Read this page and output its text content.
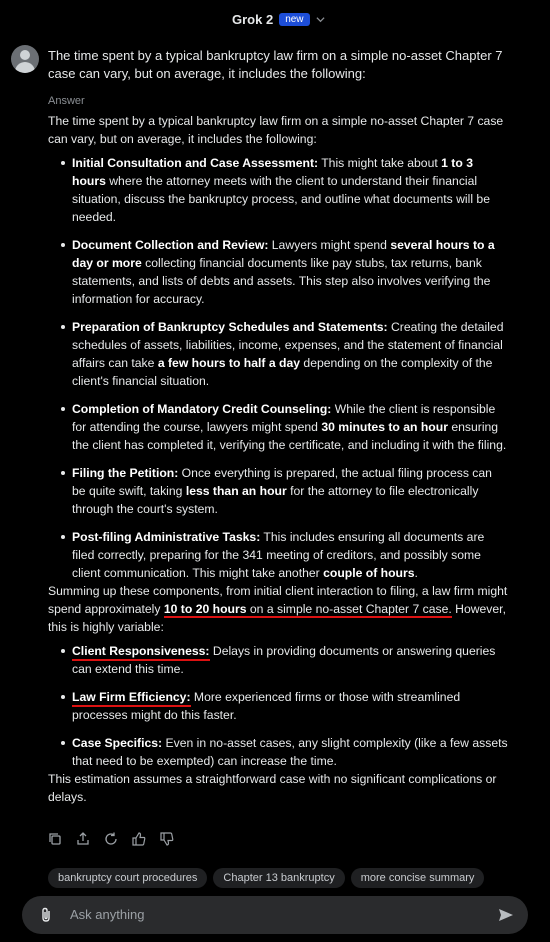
Grok 2	new
The time spent by a typical bankruptcy law firm on a simple no-asset Chapter 7 case can vary, but on average, it includes the following:
Answer

The time spent by a typical bankruptcy law firm on a simple no-asset Chapter 7 case can vary, but on average, it includes the following:

Initial Consultation and Case Assessment: This might take about 1 to 3 hours where the attorney meets with the client to understand their financial situation, discuss the bankruptcy process, and outline what documents will be needed.
Document Collection and Review: Lawyers might spend several hours to a day or more collecting financial documents like pay stubs, tax returns, bank statements, and lists of debts and assets. This step also involves verifying the information for accuracy.
Preparation of Bankruptcy Schedules and Statements: Creating the detailed schedules of assets, liabilities, income, expenses, and the statement of financial affairs can take a few hours to half a day depending on the complexity of the client's financial situation.
Completion of Mandatory Credit Counseling: While the client is responsible for attending the course, lawyers might spend 30 minutes to an hour ensuring the client has completed it, verifying the certificate, and including it with the filing.
Filing the Petition: Once everything is prepared, the actual filing process can be quite swift, taking less than an hour for the attorney to file electronically through the court's system.
Post-filing Administrative Tasks: This includes ensuring all documents are filed correctly, preparing for the 341 meeting of creditors, and possibly some client communication. This might take another couple of hours.

Summing up these components, from initial client interaction to filing, a law firm might spend approximately 10 to 20 hours on a simple no-asset Chapter 7 case. However, this is highly variable:

Client Responsiveness: Delays in providing documents or answering queries can extend this time.
Law Firm Efficiency: More experienced firms or those with streamlined processes might do this faster.
Case Specifics: Even in no-asset cases, any slight complexity (like a few assets that need to be exempted) can increase the time.

This estimation assumes a straightforward case with no significant complications or delays.

bankruptcy court procedures	Chapter 13 bankruptcy	more concise summary
Ask anything
